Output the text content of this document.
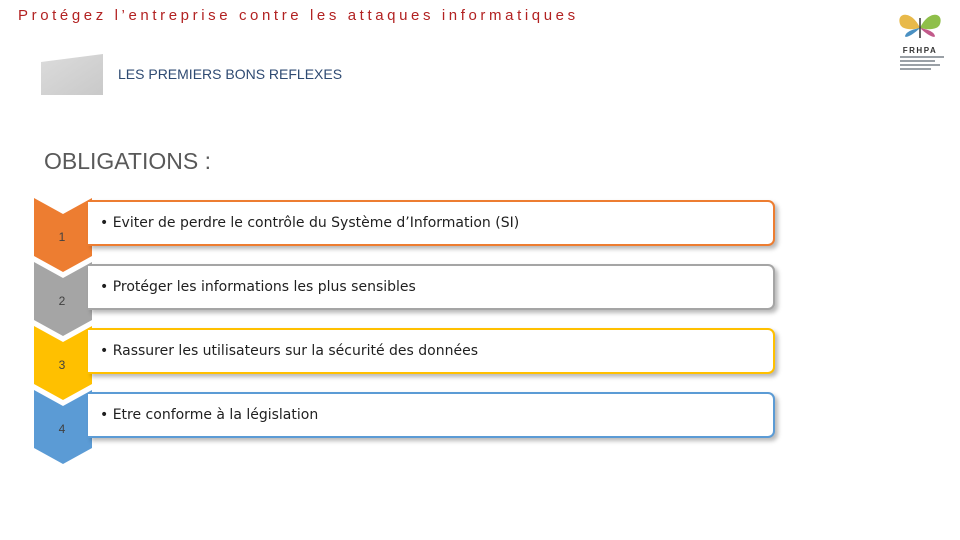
Protégez l’entreprise contre les attaques informatiques
LES PREMIERS BONS REFLEXES
FRHPA
OBLIGATIONS :
1
• Eviter de perdre le contrôle du Système d’Information (SI)
2
• Protéger les informations les plus sensibles
3
• Rassurer les utilisateurs sur la sécurité des données
4
• Etre conforme à la législation
